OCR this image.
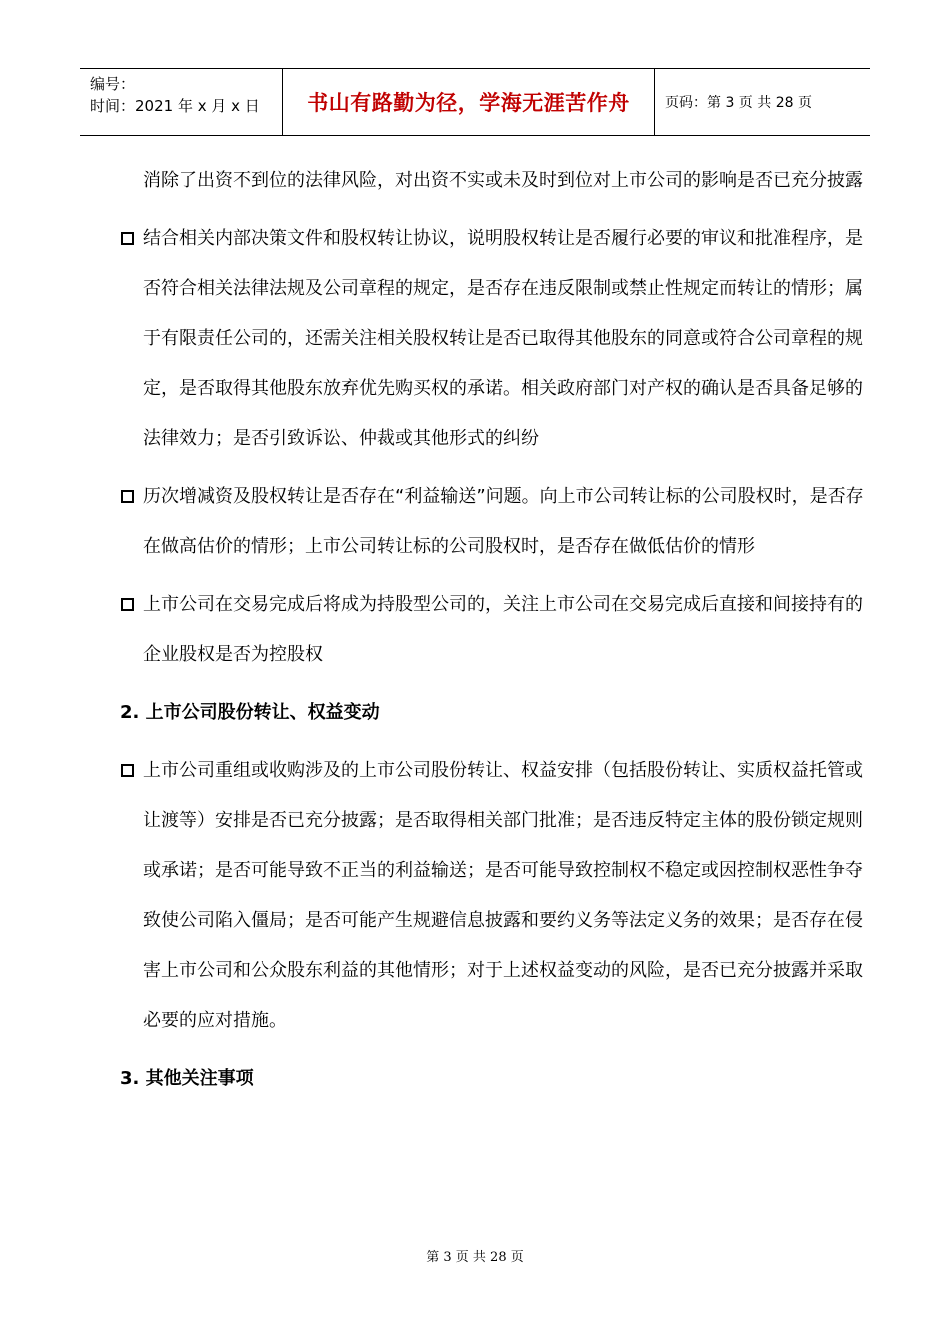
编号：
时间：2021 年 x 月 x 日	书山有路勤为径，学海无涯苦作舟	页码：第 3 页 共 28 页
消除了出资不到位的法律风险，对出资不实或未及时到位对上市公司的影响是否已充分披露
结合相关内部决策文件和股权转让协议，说明股权转让是否履行必要的审议和批准程序，是否符合相关法律法规及公司章程的规定，是否存在违反限制或禁止性规定而转让的情形；属于有限责任公司的，还需关注相关股权转让是否已取得其他股东的同意或符合公司章程的规定，是否取得其他股东放弃优先购买权的承诺。相关政府部门对产权的确认是否具备足够的法律效力；是否引致诉讼、仲裁或其他形式的纠纷
历次增减资及股权转让是否存在“利益输送”问题。向上市公司转让标的公司股权时，是否存在做高估价的情形；上市公司转让标的公司股权时，是否存在做低估价的情形
上市公司在交易完成后将成为持股型公司的，关注上市公司在交易完成后直接和间接持有的企业股权是否为控股权
2. 上市公司股份转让、权益变动
上市公司重组或收购涉及的上市公司股份转让、权益安排（包括股份转让、实质权益托管或让渡等）安排是否已充分披露；是否取得相关部门批准；是否违反特定主体的股份锁定规则或承诺；是否可能导致不正当的利益输送；是否可能导致控制权不稳定或因控制权恶性争夺致使公司陷入僵局；是否可能产生规避信息披露和要约义务等法定义务的效果；是否存在侵害上市公司和公众股东利益的其他情形；对于上述权益变动的风险，是否已充分披露并采取必要的应对措施。
3. 其他关注事项
第 3 页 共 28 页
